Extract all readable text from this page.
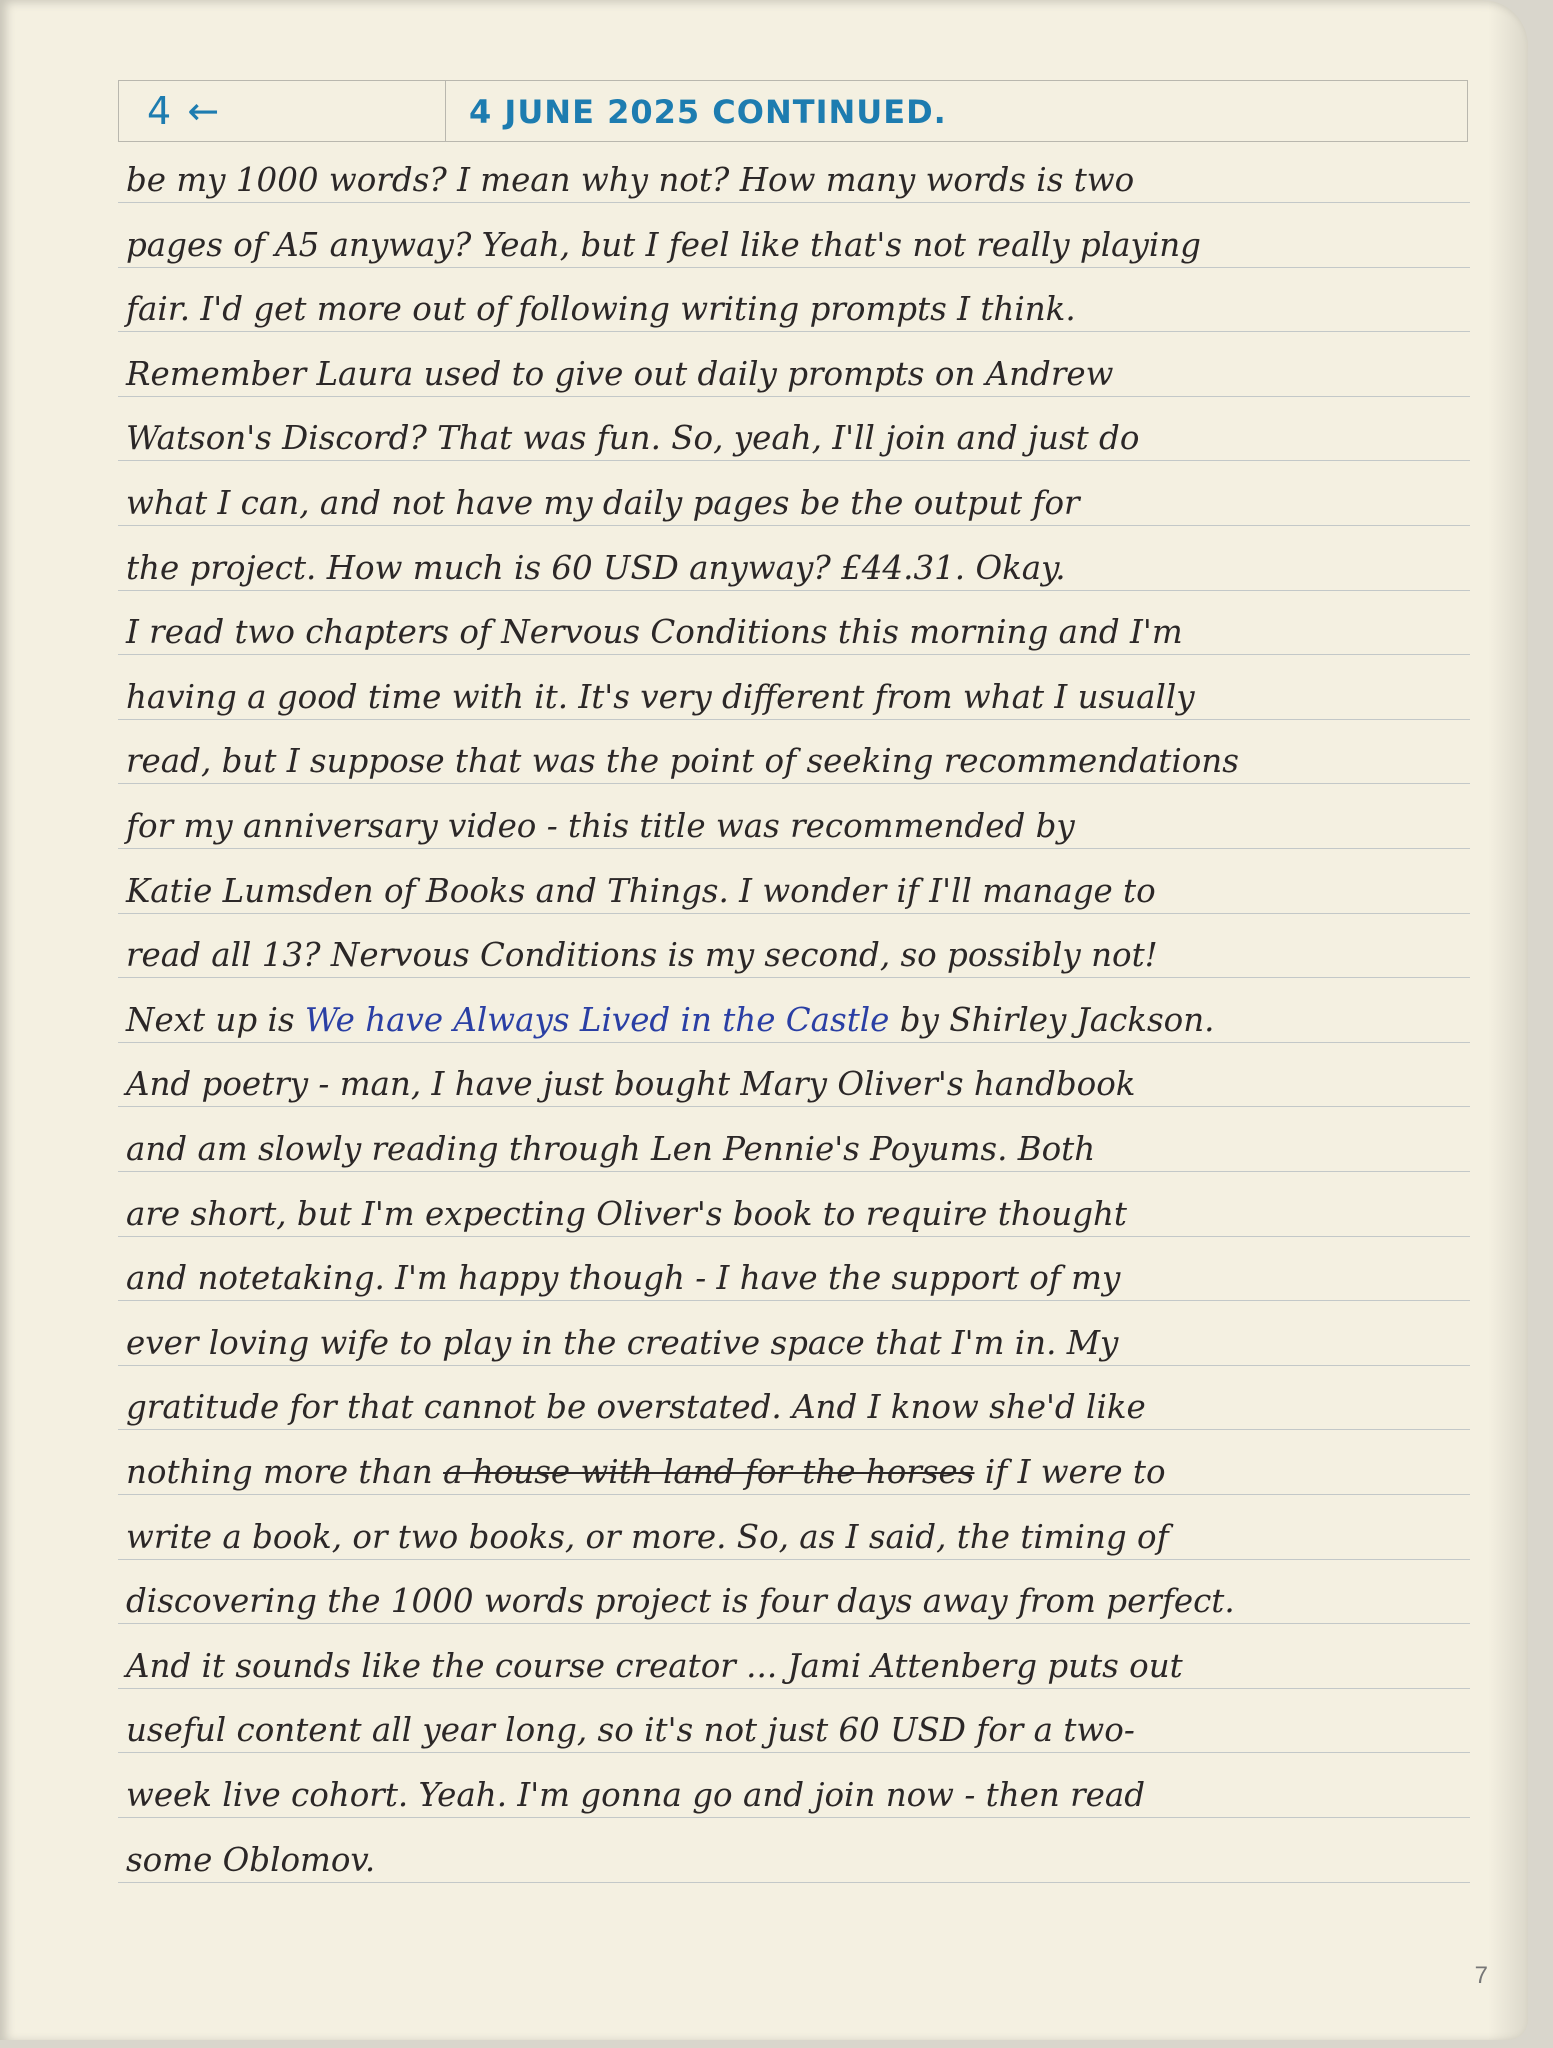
4 ←	4 JUNE 2025 CONTINUED.
be my 1000 words? I mean why not? How many words is two
pages of A5 anyway? Yeah, but I feel like that's not really playing
fair. I'd get more out of following writing prompts I think.
Remember Laura used to give out daily prompts on Andrew
Watson's Discord? That was fun. So, yeah, I'll join and just do
what I can, and not have my daily pages be the output for
the project. How much is 60 USD anyway? £44.31. Okay.
I read two chapters of Nervous Conditions this morning and I'm
having a good time with it. It's very different from what I usually
read, but I suppose that was the point of seeking recommendations
for my anniversary video - this title was recommended by
Katie Lumsden of Books and Things. I wonder if I'll manage to
read all 13? Nervous Conditions is my second, so possibly not!
Next up is We have Always Lived in the Castle by Shirley Jackson.
And poetry - man, I have just bought Mary Oliver's handbook
and am slowly reading through Len Pennie's Poyums. Both
are short, but I'm expecting Oliver's book to require thought
and notetaking. I'm happy though - I have the support of my
ever loving wife to play in the creative space that I'm in. My
gratitude for that cannot be overstated. And I know she'd like
nothing more than a house with land for the horses if I were to
write a book, or two books, or more. So, as I said, the timing of
discovering the 1000 words project is four days away from perfect.
And it sounds like the course creator ... Jami Attenberg puts out
useful content all year long, so it's not just 60 USD for a two-
week live cohort. Yeah. I'm gonna go and join now - then read
some Oblomov.
7
